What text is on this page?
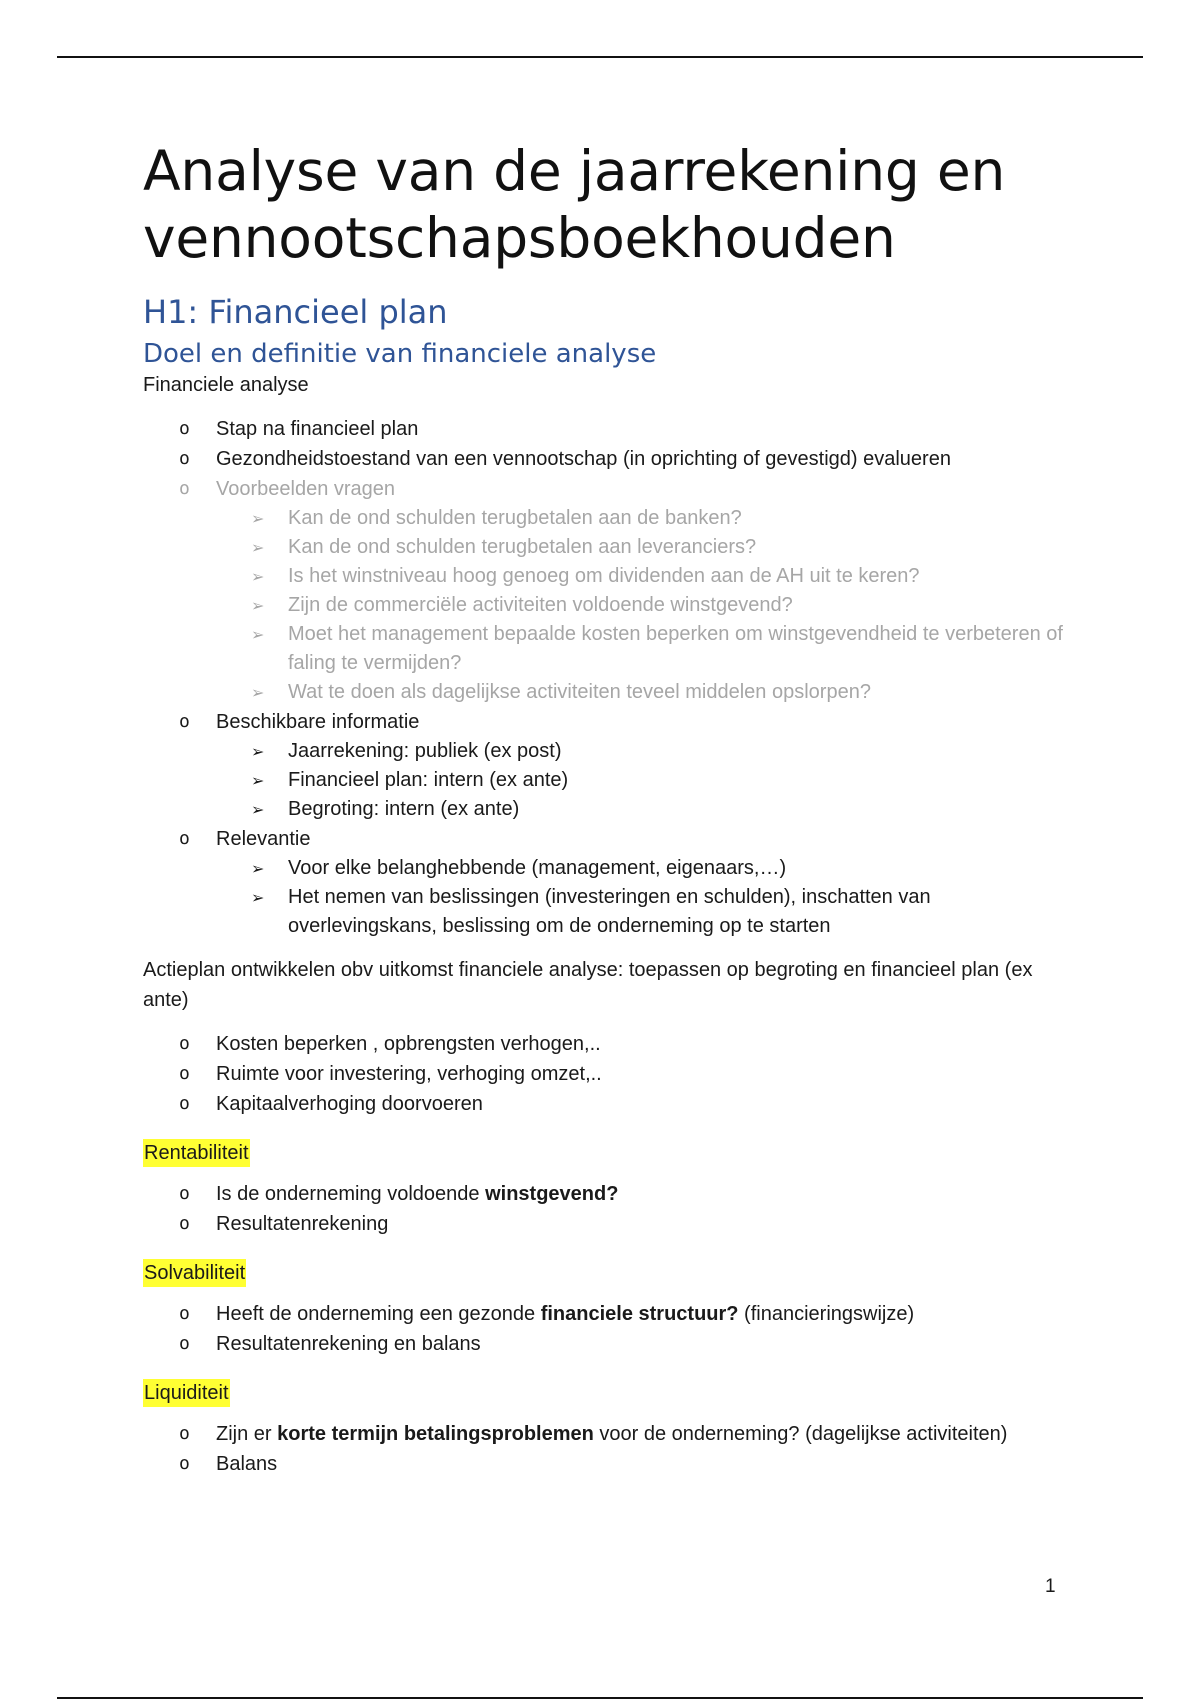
Analyse van de jaarrekening en
vennootschapsboekhouden
H1: Financieel plan
Doel en definitie van financiele analyse

Financiele analyse

o Stap na financieel plan
o Gezondheidstoestand van een vennootschap (in oprichting of gevestigd) evalueren
o Voorbeelden vragen
➢ Kan de ond schulden terugbetalen aan de banken?
➢ Kan de ond schulden terugbetalen aan leveranciers?
➢ Is het winstniveau hoog genoeg om dividenden aan de AH uit te keren?
➢ Zijn de commerciële activiteiten voldoende winstgevend?
➢ Moet het management bepaalde kosten beperken om winstgevendheid te verbeteren of faling te vermijden?
➢ Wat te doen als dagelijkse activiteiten teveel middelen opslorpen?
o Beschikbare informatie
➢ Jaarrekening: publiek (ex post)
➢ Financieel plan: intern (ex ante)
➢ Begroting: intern (ex ante)
o Relevantie
➢ Voor elke belanghebbende (management, eigenaars,…)
➢ Het nemen van beslissingen (investeringen en schulden), inschatten van overlevingskans, beslissing om de onderneming op te starten

Actieplan ontwikkelen obv uitkomst financiele analyse: toepassen op begroting en financieel plan (ex ante)

o Kosten beperken , opbrengsten verhogen,..
o Ruimte voor investering, verhoging omzet,..
o Kapitaalverhoging doorvoeren
Rentabiliteit
o Is de onderneming voldoende winstgevend?
o Resultatenrekening
Solvabiliteit
o Heeft de onderneming een gezonde financiele structuur? (financieringswijze)
o Resultatenrekening en balans
Liquiditeit
o Zijn er korte termijn betalingsproblemen voor de onderneming? (dagelijkse activiteiten)
o Balans
1
